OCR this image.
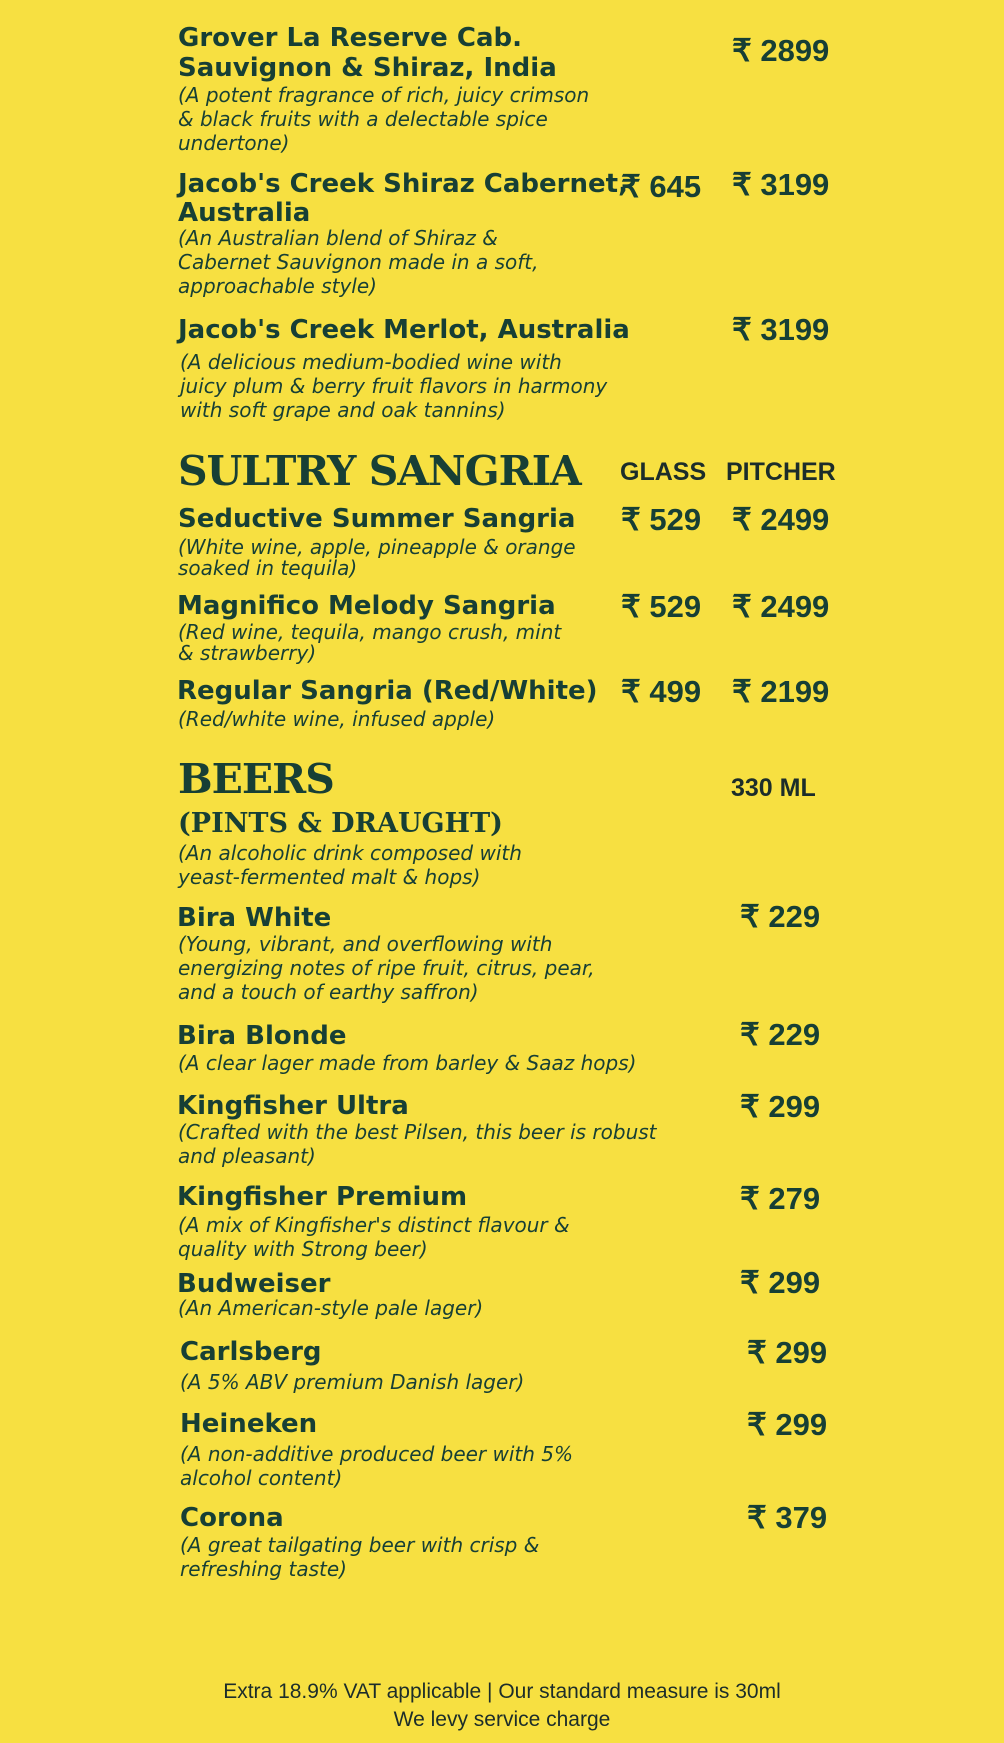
Grover La Reserve Cab.
Sauvignon & Shiraz, India
(A potent fragrance of rich, juicy crimson
& black fruits with a delectable spice
undertone)
₹ 2899
Jacob's Creek Shiraz Cabernet,
Australia
(An Australian blend of Shiraz &
Cabernet Sauvignon made in a soft,
approachable style)
₹ 645 ₹ 3199
Jacob's Creek Merlot, Australia
(A delicious medium-bodied wine with
juicy plum & berry fruit flavors in harmony
with soft grape and oak tannins)
₹ 3199
SULTRY SANGRIA GLASS PITCHER
Seductive Summer Sangria
(White wine, apple, pineapple & orange
soaked in tequila)
₹ 529 ₹ 2499
Magnifico Melody Sangria
(Red wine, tequila, mango crush, mint
& strawberry)
₹ 529 ₹ 2499
Regular Sangria (Red/White)
(Red/white wine, infused apple)
₹ 499 ₹ 2199
BEERS
(PINTS & DRAUGHT)
330 ML
(An alcoholic drink composed with
yeast-fermented malt & hops)
Bira White
(Young, vibrant, and overflowing with
energizing notes of ripe fruit, citrus, pear,
and a touch of earthy saffron)
₹ 229
Bira Blonde
(A clear lager made from barley & Saaz hops)
₹ 229
Kingfisher Ultra
(Crafted with the best Pilsen, this beer is robust
and pleasant)
₹ 299
Kingfisher Premium
(A mix of Kingfisher's distinct flavour &
quality with Strong beer)
₹ 279
Budweiser
(An American-style pale lager)
₹ 299
Carlsberg
(A 5% ABV premium Danish lager)
₹ 299
Heineken
(A non-additive produced beer with 5%
alcohol content)
₹ 299
Corona
(A great tailgating beer with crisp &
refreshing taste)
₹ 379
Extra 18.9% VAT applicable | Our standard measure is 30ml
We levy service charge
